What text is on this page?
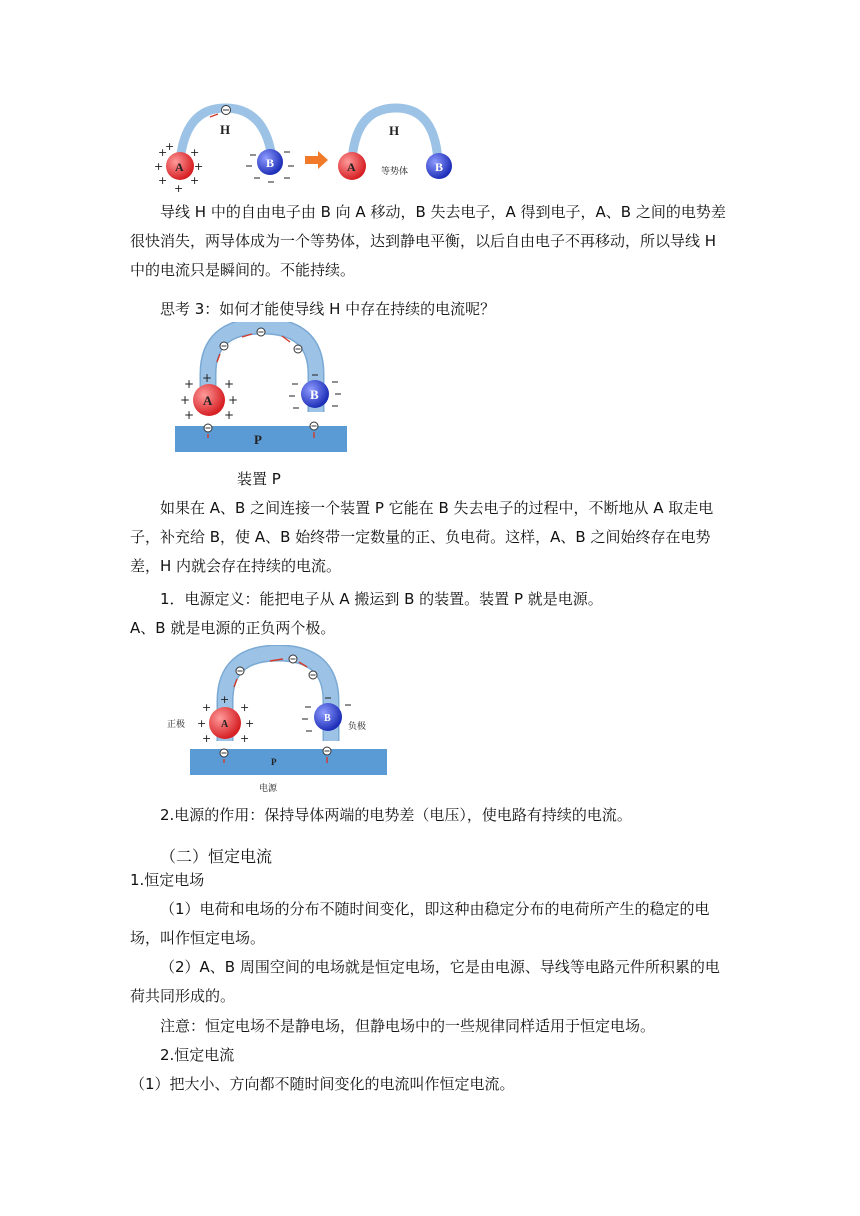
A	B
H
+
+
+
+
+
+
+
+
A	B
H
等势体

导线 H 中的自由电子由 B 向 A 移动，B 失去电子，A 得到电子，A、B 之间的电势差很快消失，两导体成为一个等势体，达到静电平衡，以后自由电子不再移动，所以导线 H 中的电流只是瞬间的。不能持续。

思考 3：如何才能使导线 H 中存在持续的电流呢？

P
A	B
+
+
+
+
+
+
+
装置 P

如果在 A、B 之间连接一个装置 P 它能在 B 失去电子的过程中，不断地从 A 取走电子，补充给 B，使 A、B 始终带一定数量的正、负电荷。这样，A、B 之间始终存在电势差，H 内就会存在持续的电流。

1．电源定义：能把电子从 A 搬运到 B 的装置。装置 P 就是电源。

A、B 就是电源的正负两个极。

P
A
B
正极	负极
电源
+
+
+
+
+
+
+

2.电源的作用：保持导体两端的电势差（电压），使电路有持续的电流。

（二）恒定电流

1.恒定电场

（1）电荷和电场的分布不随时间变化，即这种由稳定分布的电荷所产生的稳定的电场，叫作恒定电场。

（2）A、B 周围空间的电场就是恒定电场，它是由电源、导线等电路元件所积累的电荷共同形成的。

注意：恒定电场不是静电场，但静电场中的一些规律同样适用于恒定电场。

2.恒定电流

（1）把大小、方向都不随时间变化的电流叫作恒定电流。
